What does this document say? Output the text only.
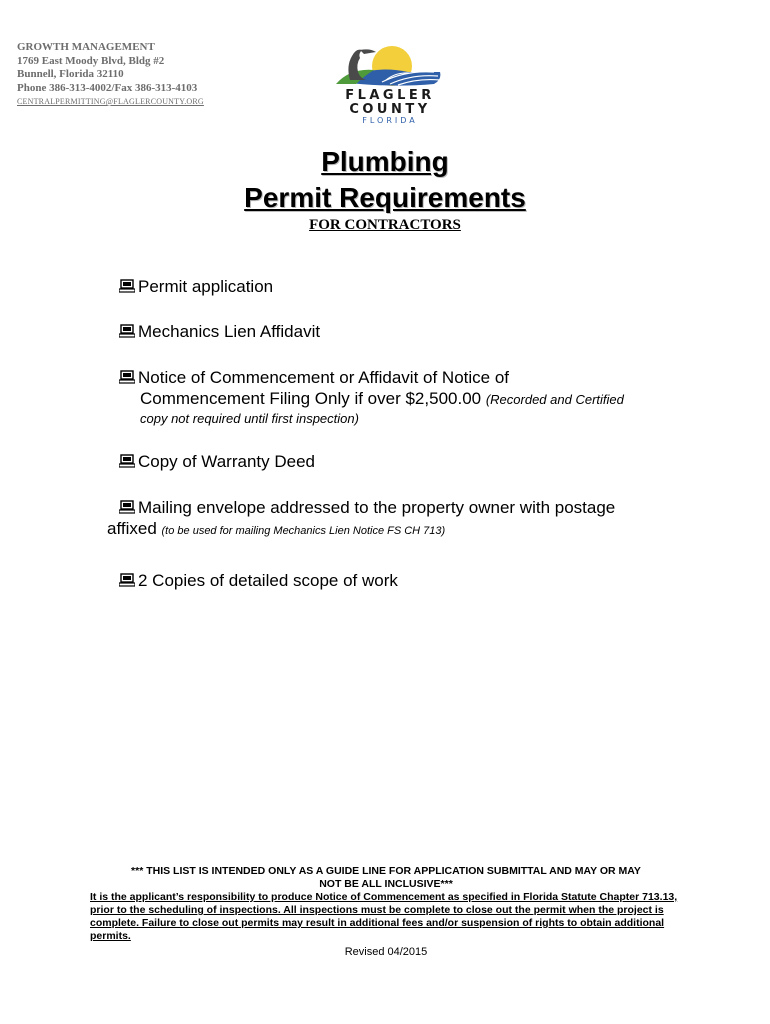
GROWTH MANAGEMENT
1769 East Moody Blvd, Bldg #2
Bunnell, Florida 32110
Phone 386-313-4002/Fax 386-313-4103
CENTRALPERMITTING@FLAGLERCOUNTY.ORG	FLAGLER
COUNTY
FLORIDA
Plumbing
Permit Requirements
FOR CONTRACTORS
Permit application
Mechanics Lien Affidavit
Notice of Commencement or Affidavit of Notice of
Commencement Filing Only if over $2,500.00 (Recorded and Certified
copy not required until first inspection)
Copy of Warranty Deed
Mailing envelope addressed to the property owner with postage
affixed (to be used for mailing Mechanics Lien Notice FS CH 713)
2 Copies of detailed scope of work
*** THIS LIST IS INTENDED ONLY AS A GUIDE LINE FOR APPLICATION SUBMITTAL AND MAY OR MAY
NOT BE ALL INCLUSIVE***
It is the applicant’s responsibility to produce Notice of Commencement as specified in Florida Statute Chapter 713.13, prior to the scheduling of inspections. All inspections must be complete to close out the permit when the project is complete. Failure to close out permits may result in additional fees and/or suspension of rights to obtain additional permits.
Revised 04/2015
